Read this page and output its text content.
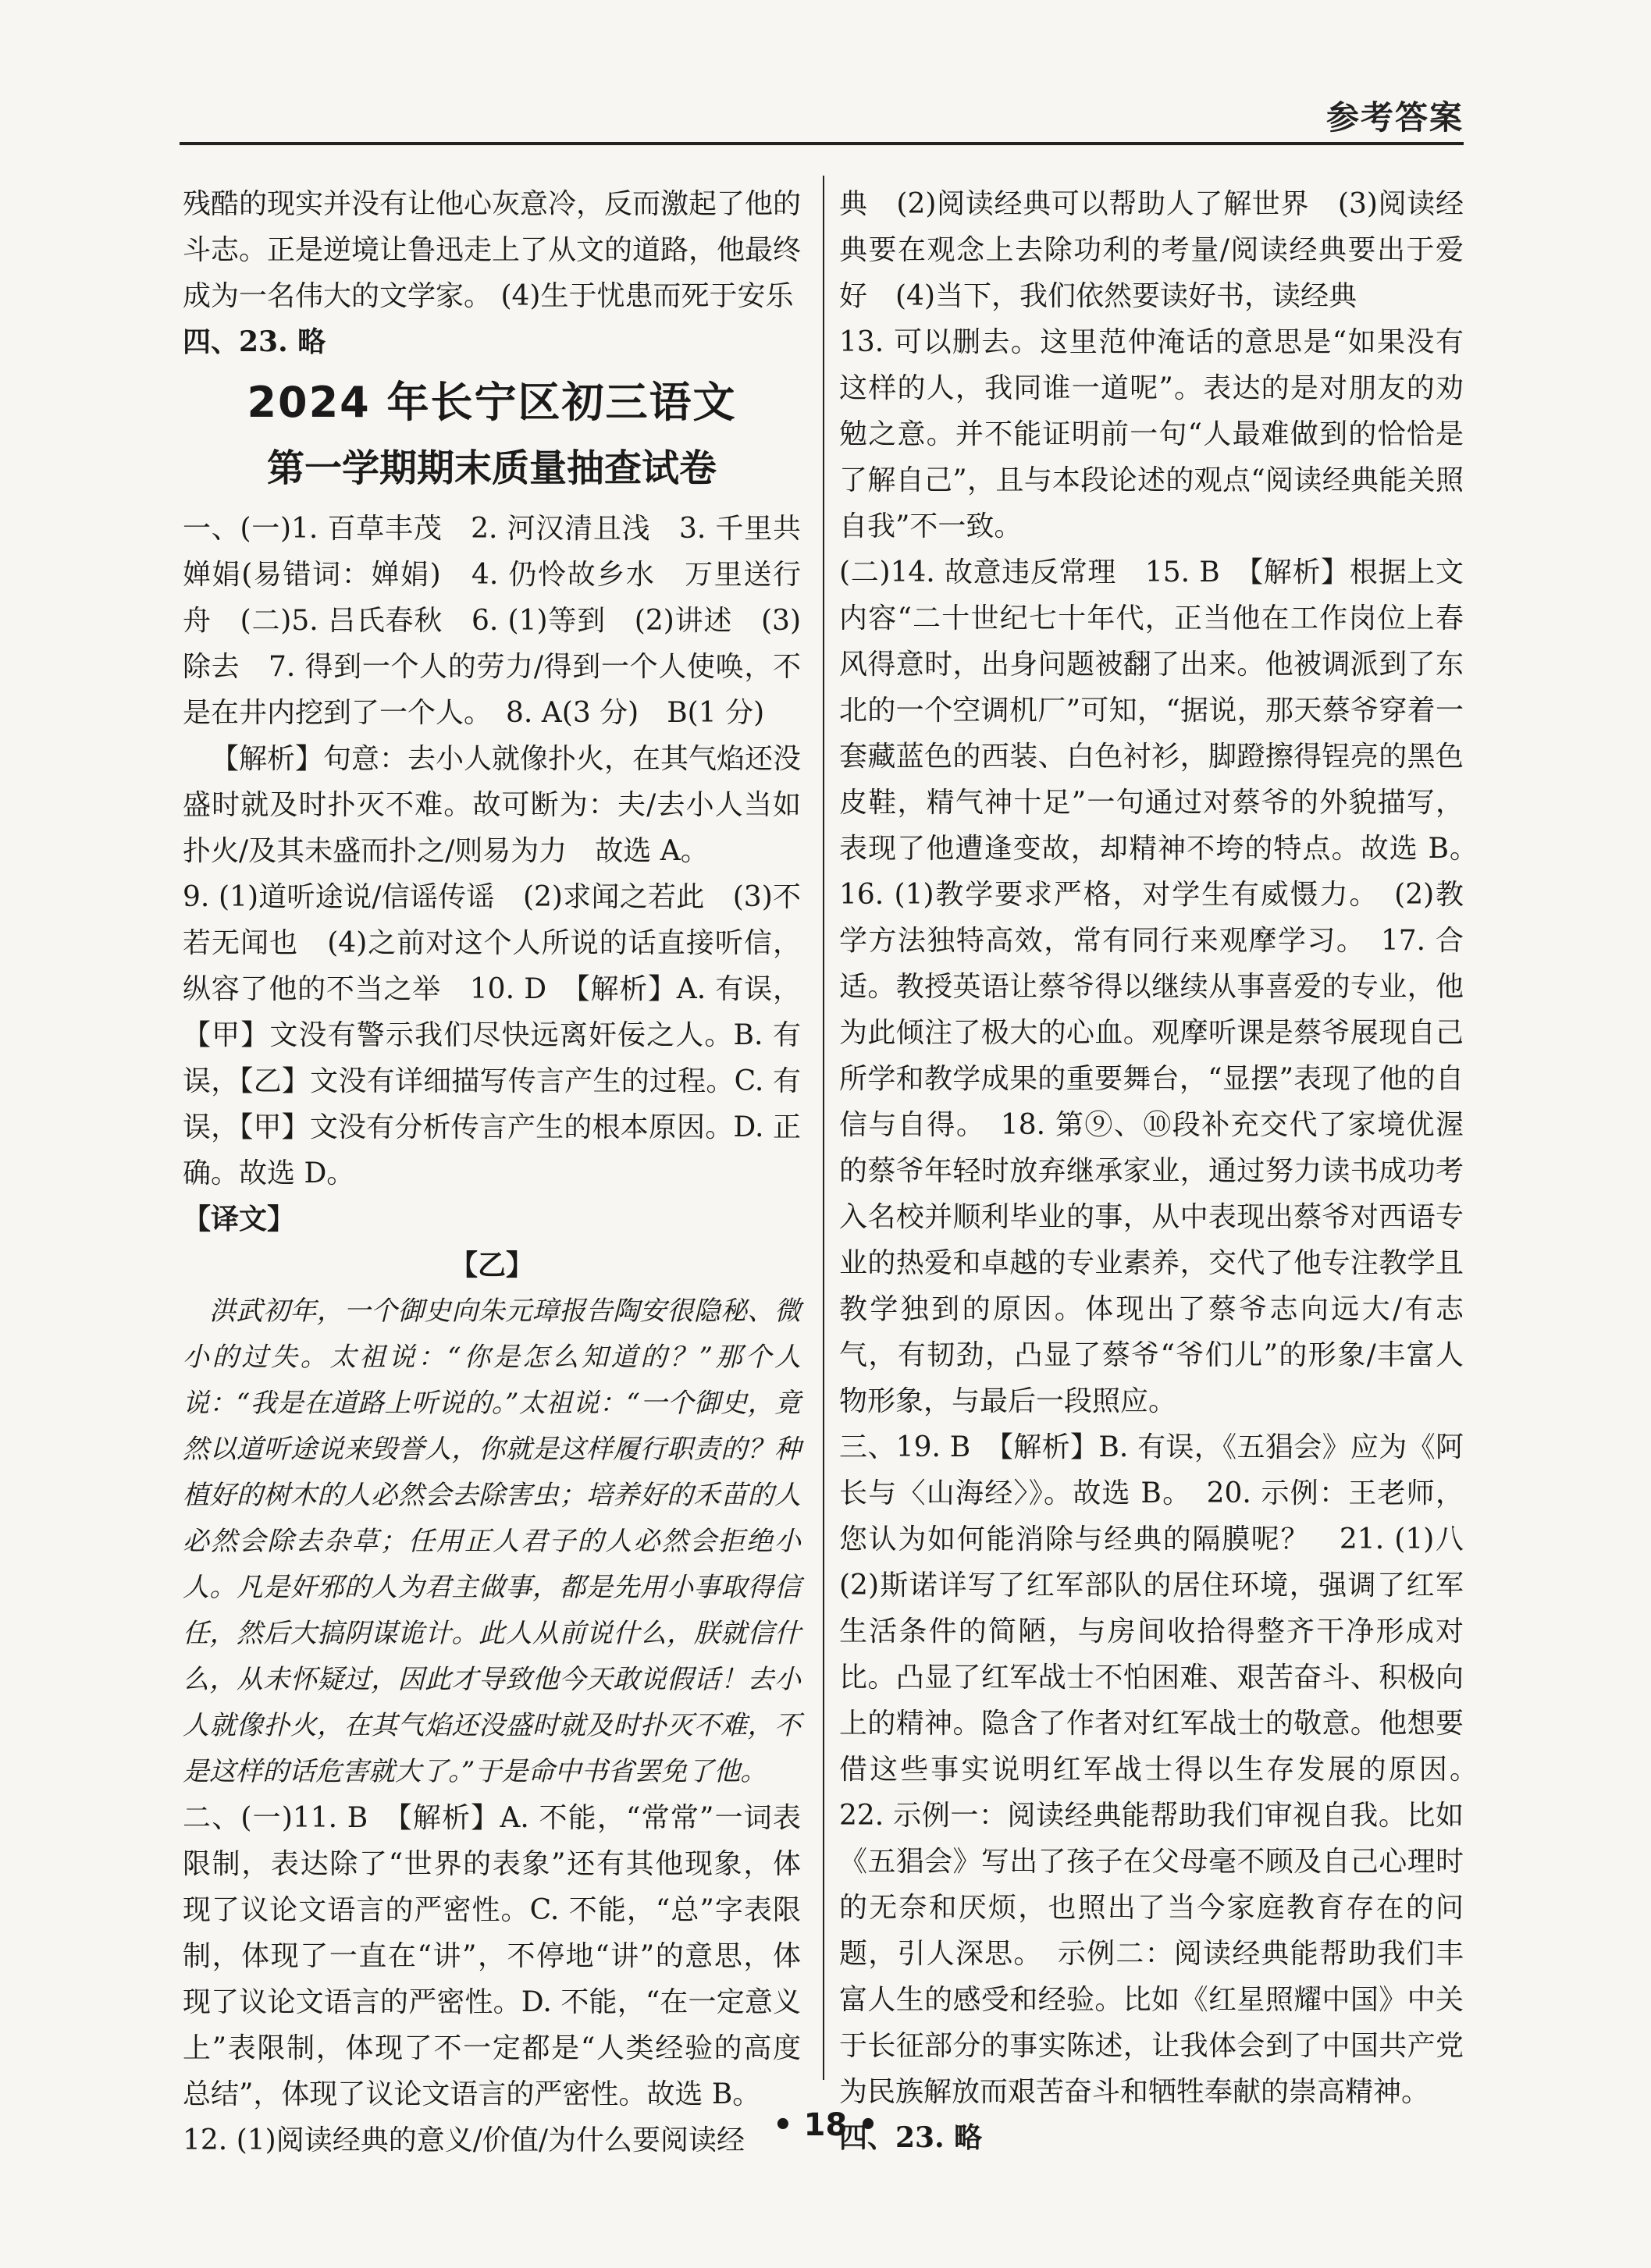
参考答案

残酷的现实并没有让他心灰意冷，反而激起了他的斗志。正是逆境让鲁迅走上了从文的道路，他最终成为一名伟大的文学家。 (4)生于忧患而死于安乐

四、23. 略

2024 年长宁区初三语文
第一学期期末质量抽查试卷

一、(一)1. 百草丰茂　2. 河汉清且浅　3. 千里共婵娟(易错词：婵娟)　4. 仍怜故乡水　万里送行舟　(二)5. 吕氏春秋　6. (1)等到　(2)讲述　(3)除去　7. 得到一个人的劳力/得到一个人使唤，不是在井内挖到了一个人。　8. A(3 分)　B(1 分)

【解析】句意：去小人就像扑火，在其气焰还没盛时就及时扑灭不难。故可断为：夫/去小人当如扑火/及其未盛而扑之/则易为力　故选 A。

9. (1)道听途说/信谣传谣　(2)求闻之若此　(3)不若无闻也　(4)之前对这个人所说的话直接听信，纵容了他的不当之举　10. D　【解析】A. 有误，【甲】文没有警示我们尽快远离奸佞之人。B. 有误，【乙】文没有详细描写传言产生的过程。C. 有误，【甲】文没有分析传言产生的根本原因。D. 正确。故选 D。

【译文】

【乙】

洪武初年，一个御史向朱元璋报告陶安很隐秘、微小的过失。太祖说：“你是怎么知道的？”那个人说：“我是在道路上听说的。”太祖说：“一个御史，竟然以道听途说来毁誉人，你就是这样履行职责的？种植好的树木的人必然会去除害虫；培养好的禾苗的人必然会除去杂草；任用正人君子的人必然会拒绝小人。凡是奸邪的人为君主做事，都是先用小事取得信任，然后大搞阴谋诡计。此人从前说什么，朕就信什么，从未怀疑过，因此才导致他今天敢说假话！去小人就像扑火，在其气焰还没盛时就及时扑灭不难，不是这样的话危害就大了。”于是命中书省罢免了他。

二、(一)11. B　【解析】A. 不能，“常常”一词表限制，表达除了“世界的表象”还有其他现象，体现了议论文语言的严密性。C. 不能，“总”字表限制，体现了一直在“讲”，不停地“讲”的意思，体现了议论文语言的严密性。D. 不能，“在一定意义上”表限制，体现了不一定都是“人类经验的高度总结”，体现了议论文语言的严密性。故选 B。

12. (1)阅读经典的意义/价值/为什么要阅读经

典　(2)阅读经典可以帮助人了解世界　(3)阅读经典要在观念上去除功利的考量/阅读经典要出于爱好　(4)当下，我们依然要读好书，读经典

13. 可以删去。这里范仲淹话的意思是“如果没有这样的人，我同谁一道呢”。表达的是对朋友的劝勉之意。并不能证明前一句“人最难做到的恰恰是了解自己”，且与本段论述的观点“阅读经典能关照自我”不一致。

(二)14. 故意违反常理　15. B　【解析】根据上文内容“二十世纪七十年代，正当他在工作岗位上春风得意时，出身问题被翻了出来。他被调派到了东北的一个空调机厂”可知，“据说，那天蔡爷穿着一套藏蓝色的西装、白色衬衫，脚蹬擦得锃亮的黑色皮鞋，精气神十足”一句通过对蔡爷的外貌描写，表现了他遭逢变故，却精神不垮的特点。故选 B。　16. (1)教学要求严格，对学生有威慑力。　(2)教学方法独特高效，常有同行来观摩学习。　17. 合适。教授英语让蔡爷得以继续从事喜爱的专业，他为此倾注了极大的心血。观摩听课是蔡爷展现自己所学和教学成果的重要舞台，“显摆”表现了他的自信与自得。　18. 第⑨、⑩段补充交代了家境优渥的蔡爷年轻时放弃继承家业，通过努力读书成功考入名校并顺利毕业的事，从中表现出蔡爷对西语专业的热爱和卓越的专业素养，交代了他专注教学且教学独到的原因。体现出了蔡爷志向远大/有志气，有韧劲，凸显了蔡爷“爷们儿”的形象/丰富人物形象，与最后一段照应。

三、19. B　【解析】B. 有误，《五猖会》应为《阿长与〈山海经〉》。故选 B。　20. 示例：王老师，您认为如何能消除与经典的隔膜呢？　21. (1)八　(2)斯诺详写了红军部队的居住环境，强调了红军生活条件的简陋，与房间收拾得整齐干净形成对比。凸显了红军战士不怕困难、艰苦奋斗、积极向上的精神。隐含了作者对红军战士的敬意。他想要借这些事实说明红军战士得以生存发展的原因。　22. 示例一：阅读经典能帮助我们审视自我。比如《五猖会》写出了孩子在父母毫不顾及自己心理时的无奈和厌烦，也照出了当今家庭教育存在的问题，引人深思。　示例二：阅读经典能帮助我们丰富人生的感受和经验。比如《红星照耀中国》中关于长征部分的事实陈述，让我体会到了中国共产党为民族解放而艰苦奋斗和牺牲奉献的崇高精神。

四、23. 略

• 18 •
